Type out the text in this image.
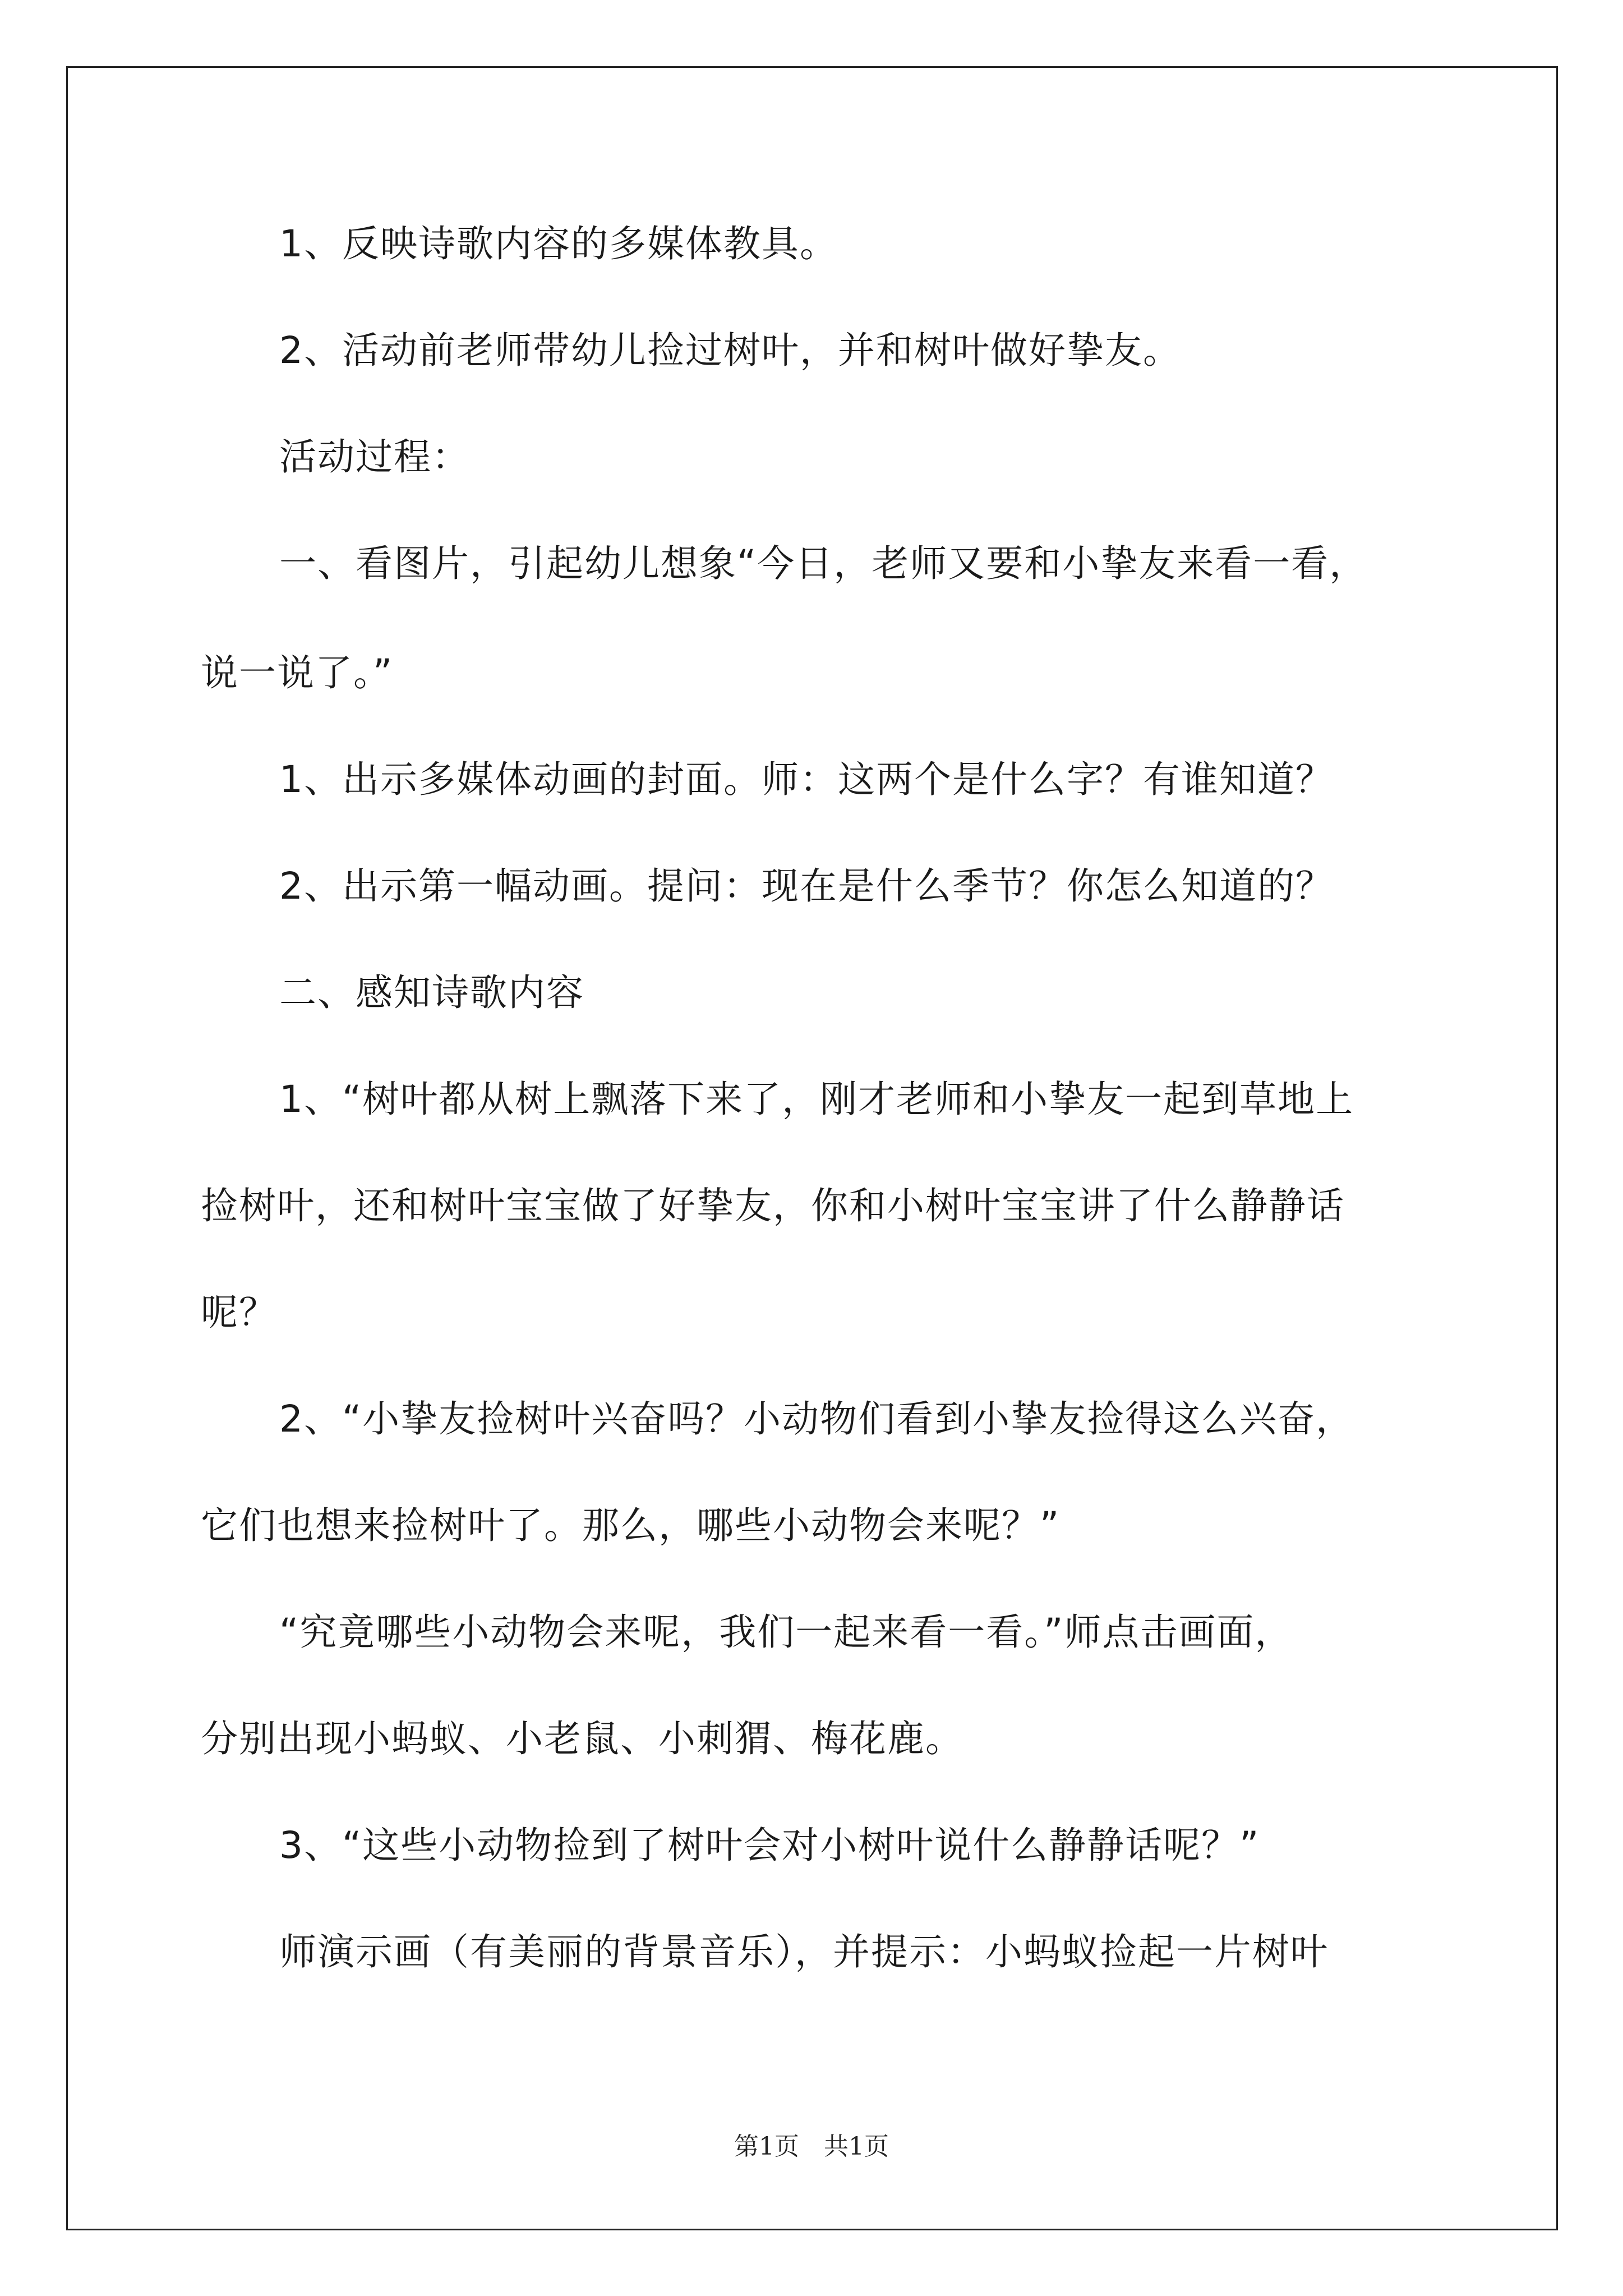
1、反映诗歌内容的多媒体教具。
2、活动前老师带幼儿捡过树叶，并和树叶做好挚友。
活动过程：
一、看图片，引起幼儿想象“今日，老师又要和小挚友来看一看，
说一说了。”
1、出示多媒体动画的封面。师：这两个是什么字？有谁知道？
2、出示第一幅动画。提问：现在是什么季节？你怎么知道的？
二、感知诗歌内容
1、“树叶都从树上飘落下来了，刚才老师和小挚友一起到草地上
捡树叶，还和树叶宝宝做了好挚友，你和小树叶宝宝讲了什么静静话
呢？
2、“小挚友捡树叶兴奋吗？小动物们看到小挚友捡得这么兴奋，
它们也想来捡树叶了。那么，哪些小动物会来呢？”
“究竟哪些小动物会来呢，我们一起来看一看。”师点击画面，
分别出现小蚂蚁、小老鼠、小刺猬、梅花鹿。
3、“这些小动物捡到了树叶会对小树叶说什么静静话呢？”
师演示画（有美丽的背景音乐），并提示：小蚂蚁捡起一片树叶
第1页　共1页
